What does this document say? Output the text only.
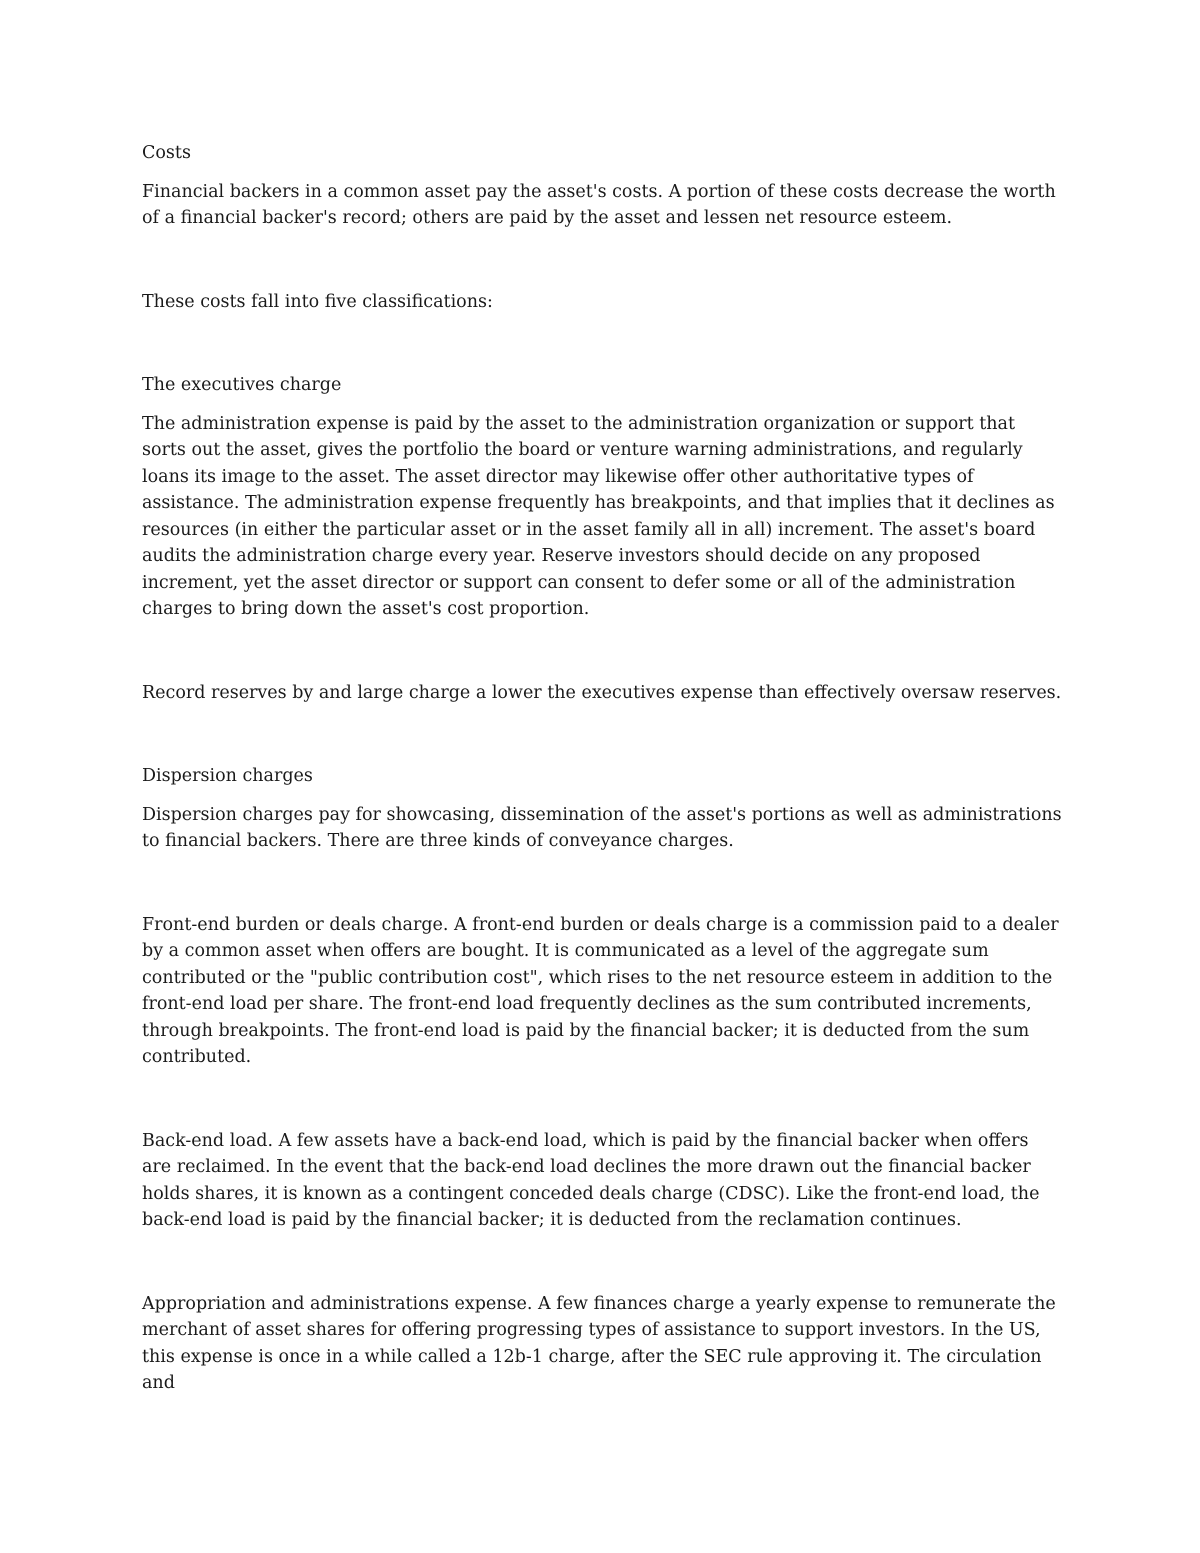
Costs

Financial backers in a common asset pay the asset's costs. A portion of these costs decrease the worth of a financial backer's record; others are paid by the asset and lessen net resource esteem.

These costs fall into five classifications:

The executives charge

The administration expense is paid by the asset to the administration organization or support that sorts out the asset, gives the portfolio the board or venture warning administrations, and regularly loans its image to the asset. The asset director may likewise offer other authoritative types of assistance. The administration expense frequently has breakpoints, and that implies that it declines as resources (in either the particular asset or in the asset family all in all) increment. The asset's board audits the administration charge every year. Reserve investors should decide on any proposed increment, yet the asset director or support can consent to defer some or all of the administration charges to bring down the asset's cost proportion.

Record reserves by and large charge a lower the executives expense than effectively oversaw reserves.

Dispersion charges

Dispersion charges pay for showcasing, dissemination of the asset's portions as well as administrations to financial backers. There are three kinds of conveyance charges.

Front-end burden or deals charge. A front-end burden or deals charge is a commission paid to a dealer by a common asset when offers are bought. It is communicated as a level of the aggregate sum contributed or the "public contribution cost", which rises to the net resource esteem in addition to the front-end load per share. The front-end load frequently declines as the sum contributed increments, through breakpoints. The front-end load is paid by the financial backer; it is deducted from the sum contributed.

Back-end load. A few assets have a back-end load, which is paid by the financial backer when offers are reclaimed. In the event that the back-end load declines the more drawn out the financial backer holds shares, it is known as a contingent conceded deals charge (CDSC). Like the front-end load, the back-end load is paid by the financial backer; it is deducted from the reclamation continues.

Appropriation and administrations expense. A few finances charge a yearly expense to remunerate the merchant of asset shares for offering progressing types of assistance to support investors. In the US, this expense is once in a while called a 12b-1 charge, after the SEC rule approving it. The circulation and
